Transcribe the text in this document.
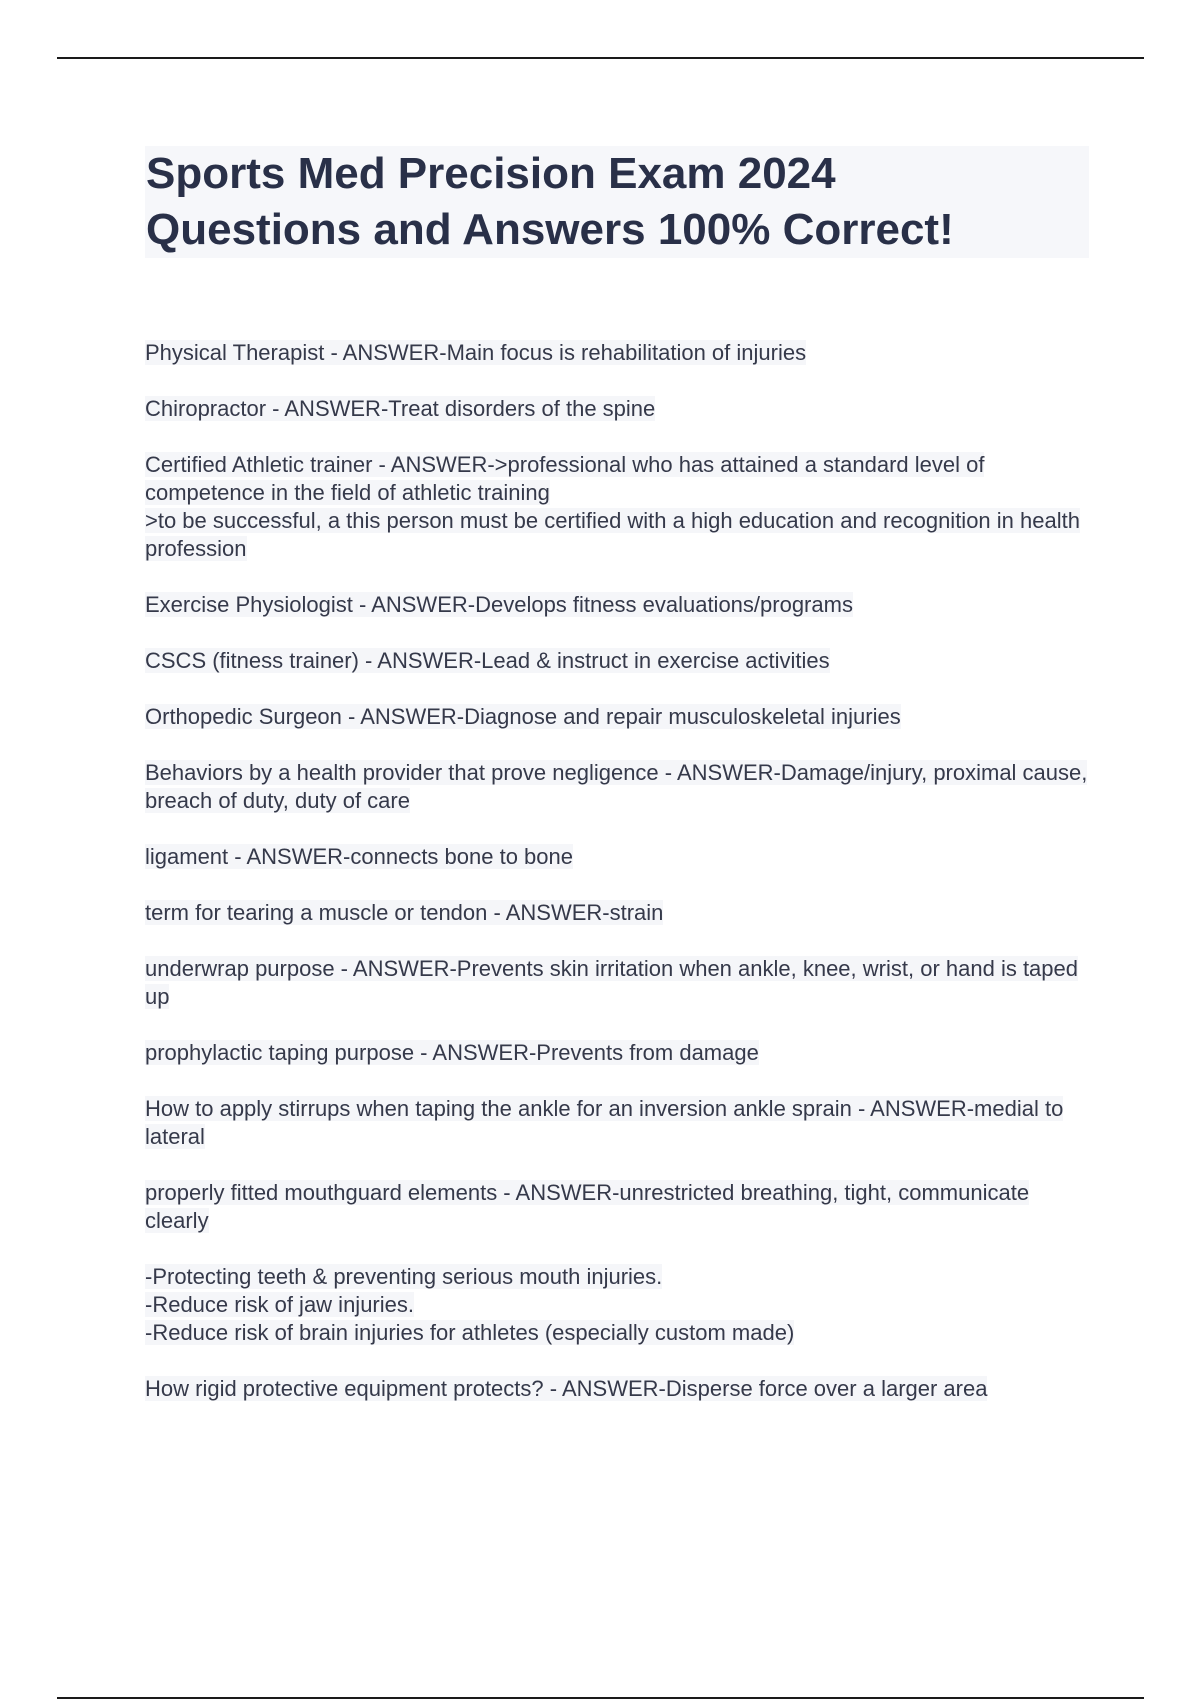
Sports Med Precision Exam 2024
Questions and Answers 100% Correct!

Physical Therapist - ANSWER-Main focus is rehabilitation of injuries

Chiropractor - ANSWER-Treat disorders of the spine

Certified Athletic trainer - ANSWER->professional who has attained a standard level of competence in the field of athletic training

>to be successful, a this person must be certified with a high education and recognition in health profession

Exercise Physiologist - ANSWER-Develops fitness evaluations/programs

CSCS (fitness trainer) - ANSWER-Lead & instruct in exercise activities

Orthopedic Surgeon - ANSWER-Diagnose and repair musculoskeletal injuries

Behaviors by a health provider that prove negligence - ANSWER-Damage/injury, proximal cause, breach of duty, duty of care

ligament - ANSWER-connects bone to bone

term for tearing a muscle or tendon - ANSWER-strain

underwrap purpose - ANSWER-Prevents skin irritation when ankle, knee, wrist, or hand is taped up

prophylactic taping purpose - ANSWER-Prevents from damage

How to apply stirrups when taping the ankle for an inversion ankle sprain - ANSWER-medial to lateral

properly fitted mouthguard elements - ANSWER-unrestricted breathing, tight, communicate clearly

-Protecting teeth & preventing serious mouth injuries.

-Reduce risk of jaw injuries.

-Reduce risk of brain injuries for athletes (especially custom made)

How rigid protective equipment protects? - ANSWER-Disperse force over a larger area
